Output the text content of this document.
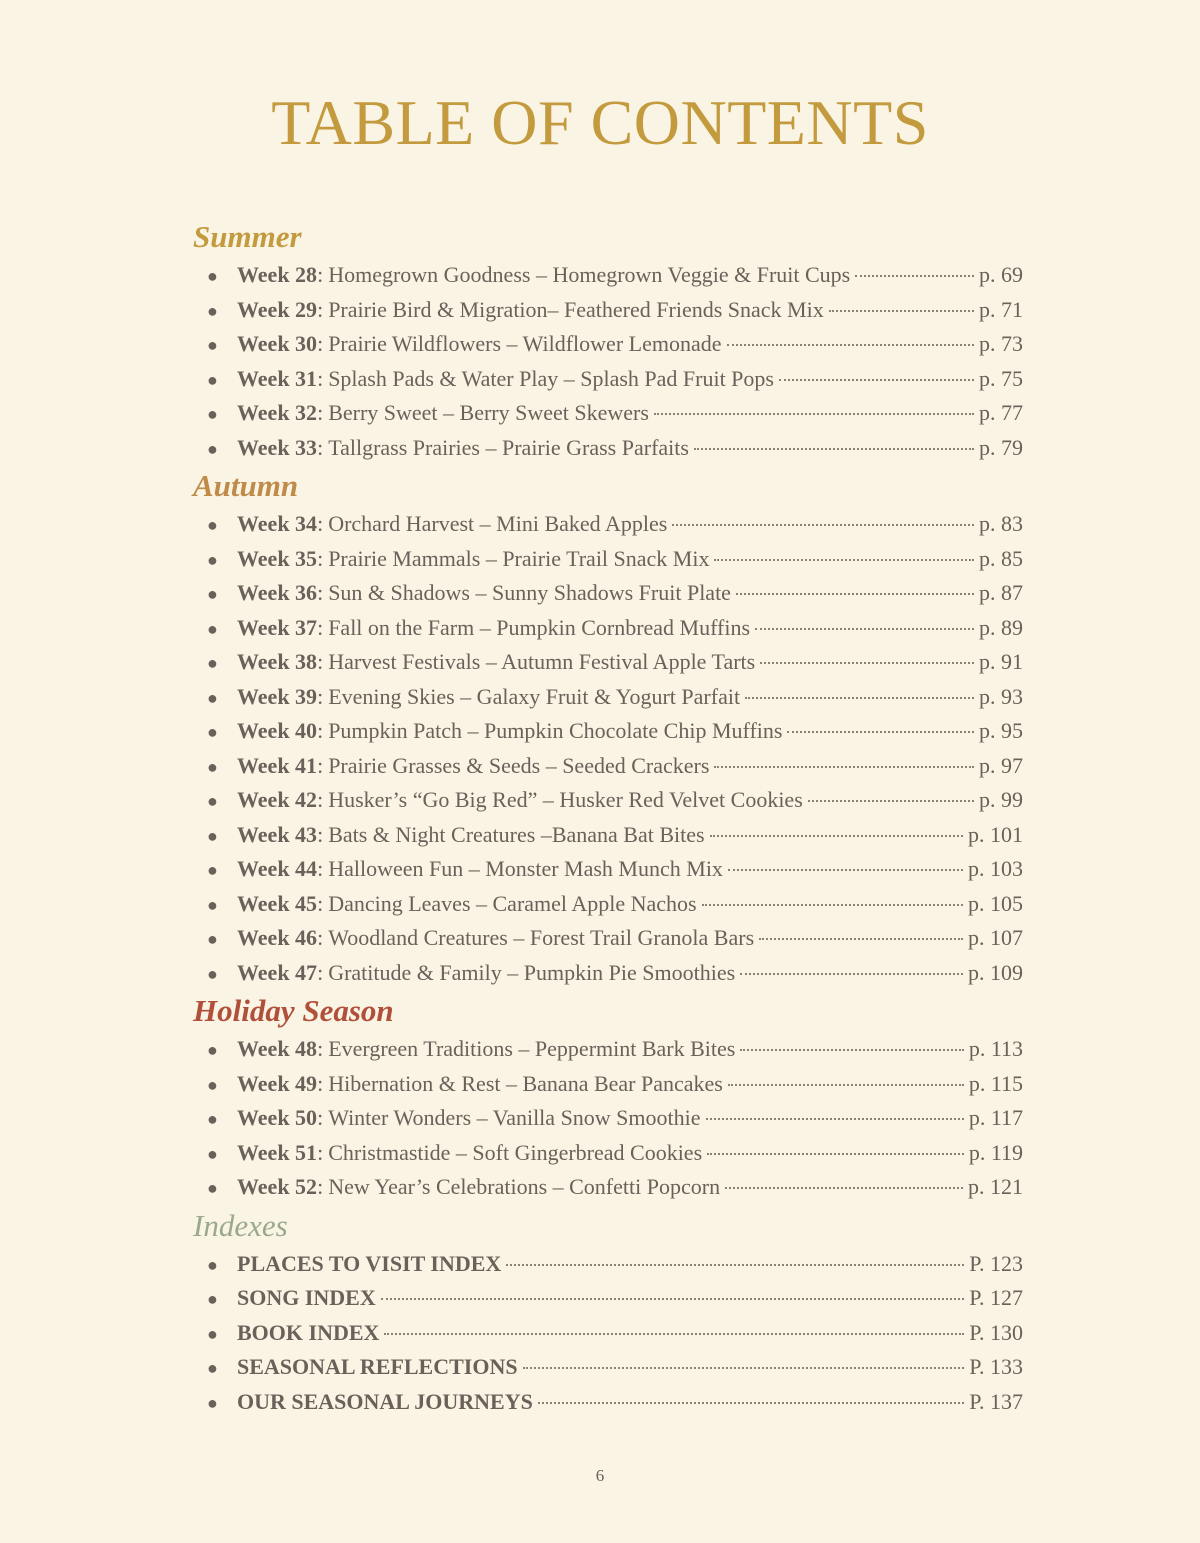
TABLE OF CONTENTS
Summer
● Week 28 : Homegrown Goodness – Homegrown Veggie & Fruit Cups	p. 69
● Week 29 : Prairie Bird & Migration– Feathered Friends Snack Mix	p. 71
● Week 30 : Prairie Wildflowers – Wildflower Lemonade	p. 73
● Week 31 : Splash Pads & Water Play – Splash Pad Fruit Pops	p. 75
● Week 32 : Berry Sweet – Berry Sweet Skewers	p. 77
● Week 33 : Tallgrass Prairies – Prairie Grass Parfaits	p. 79
Autumn
● Week 34 : Orchard Harvest – Mini Baked Apples	p. 83
● Week 35 : Prairie Mammals – Prairie Trail Snack Mix	p. 85
● Week 36 : Sun & Shadows – Sunny Shadows Fruit Plate	p. 87
● Week 37 : Fall on the Farm – Pumpkin Cornbread Muffins	p. 89
● Week 38 : Harvest Festivals – Autumn Festival Apple Tarts	p. 91
● Week 39 : Evening Skies – Galaxy Fruit & Yogurt Parfait	p. 93
● Week 40 : Pumpkin Patch – Pumpkin Chocolate Chip Muffins	p. 95
● Week 41 : Prairie Grasses & Seeds – Seeded Crackers	p. 97
● Week 42 : Husker’s “Go Big Red” – Husker Red Velvet Cookies	p. 99
● Week 43 : Bats & Night Creatures –Banana Bat Bites	p. 101
● Week 44 : Halloween Fun – Monster Mash Munch Mix	p. 103
● Week 45 : Dancing Leaves – Caramel Apple Nachos	p. 105
● Week 46 : Woodland Creatures – Forest Trail Granola Bars	p. 107
● Week 47 : Gratitude & Family – Pumpkin Pie Smoothies	p. 109
Holiday Season
● Week 48 : Evergreen Traditions – Peppermint Bark Bites	p. 113
● Week 49 : Hibernation & Rest – Banana Bear Pancakes	p. 115
● Week 50 : Winter Wonders – Vanilla Snow Smoothie	p. 117
● Week 51 : Christmastide – Soft Gingerbread Cookies	p. 119
● Week 52 : New Year’s Celebrations – Confetti Popcorn	p. 121
Indexes
● PLACES TO VISIT INDEX	P. 123
● SONG INDEX	P. 127
● BOOK INDEX	P. 130
● SEASONAL REFLECTIONS	P. 133
● OUR SEASONAL JOURNEYS	P. 137
6
